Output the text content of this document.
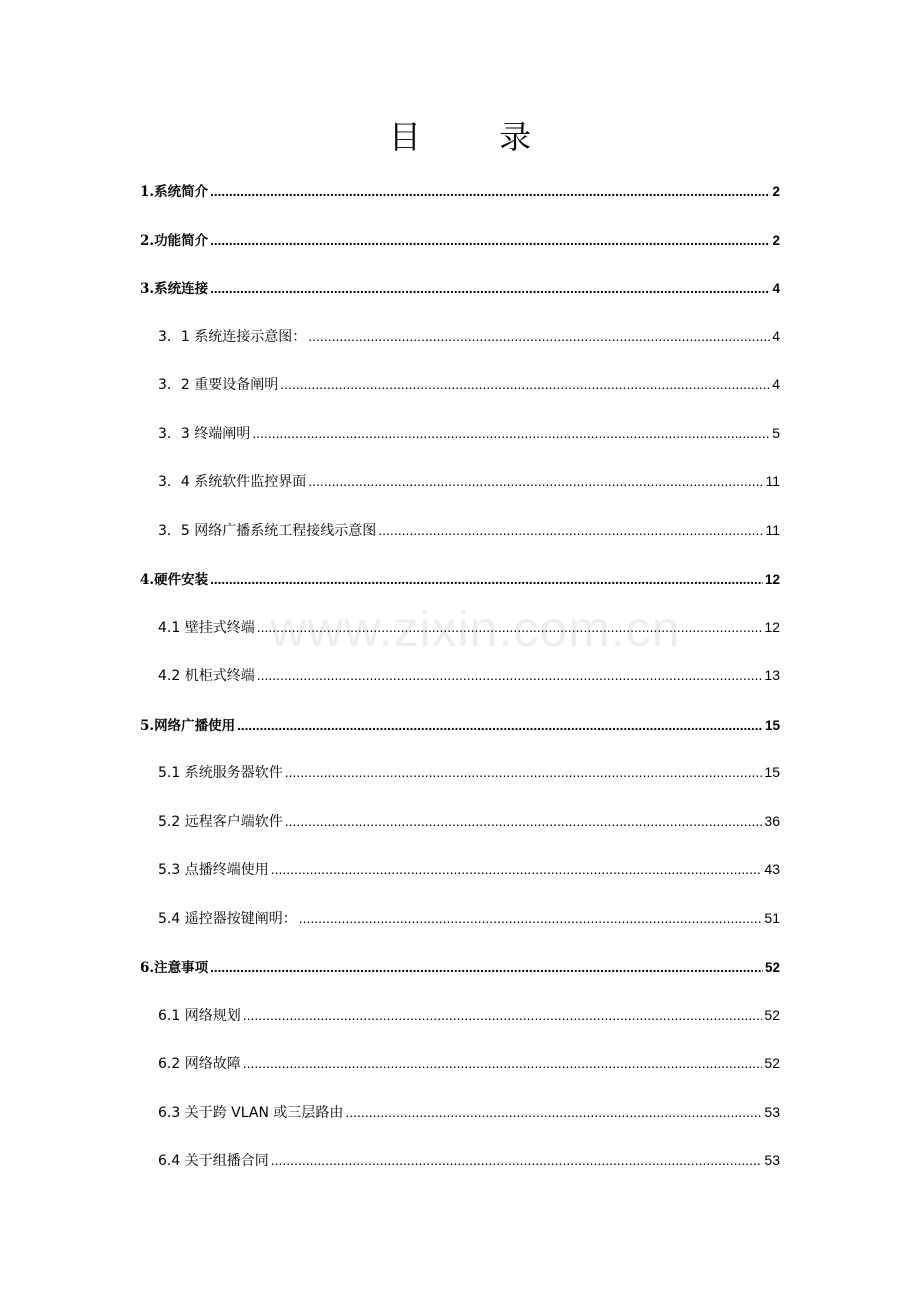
目 录
www.zixin.com.cn
1.系统简介 .....	2
2.功能简介 .....	2
3.系统连接 .....	4
3．1 系统连接示意图： .....	4
3．2 重要设备阐明 .....	4
3．3 终端阐明 .....	5
3．4 系统软件监控界面 .....	11
3．5 网络广播系统工程接线示意图 .....	11
4.硬件安装 .....	12
4.1 壁挂式终端 .....	12
4.2 机柜式终端 .....	13
5.网络广播使用 .....	15
5.1 系统服务器软件 .....	15
5.2 远程客户端软件 .....	36
5.3 点播终端使用 .....	43
5.4 遥控器按键阐明： .....	51
6.注意事项 .....	52
6.1 网络规划 .....	52
6.2 网络故障 .....	52
6.3 关于跨 VLAN 或三层路由 .....	53
6.4 关于组播合同 .....	53
